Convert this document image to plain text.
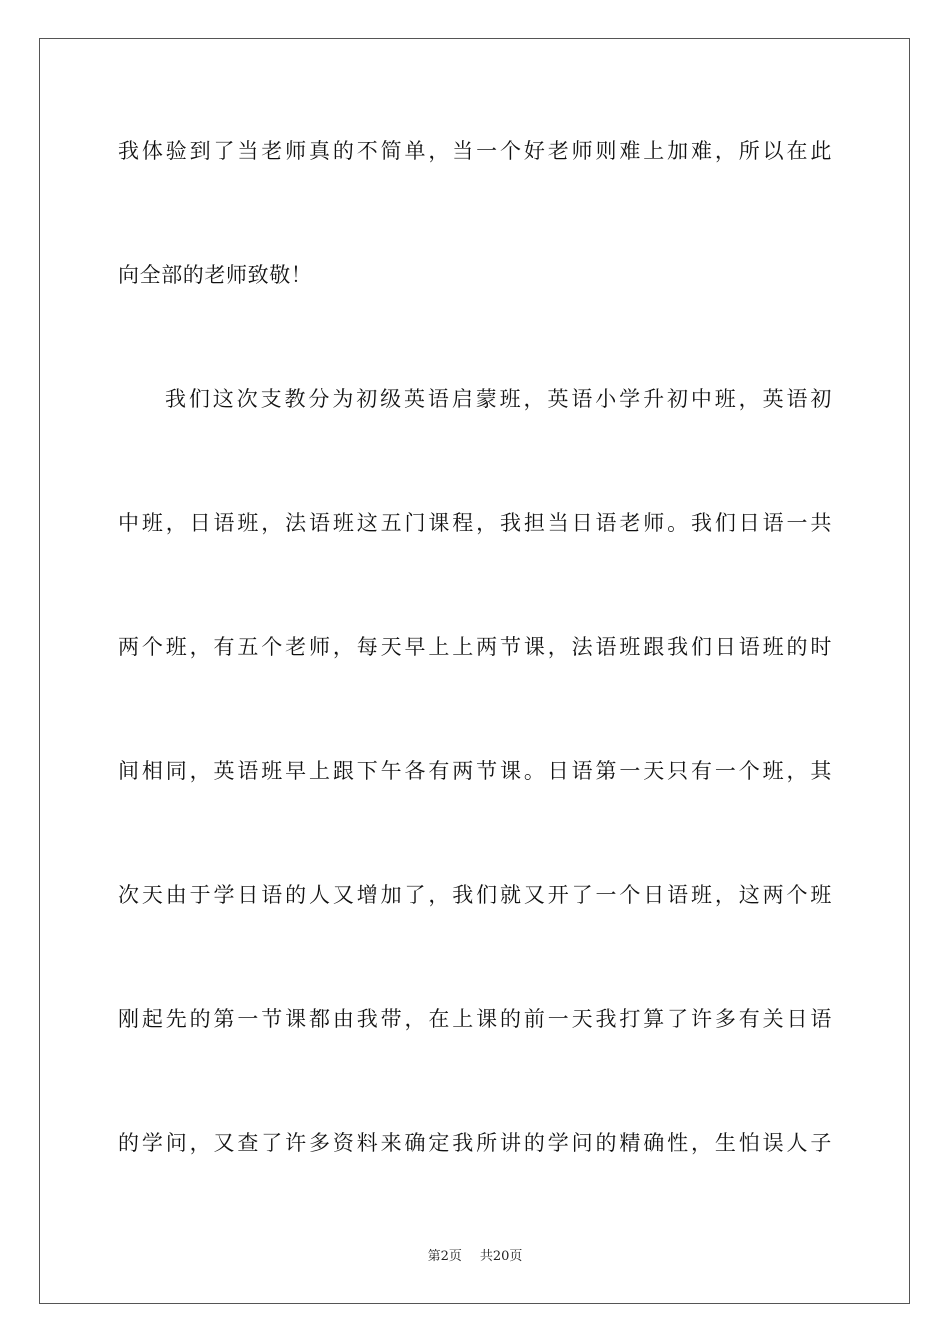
我体验到了当老师真的不简单，当一个好老师则难上加难，所以在此
向全部的老师致敬！
我们这次支教分为初级英语启蒙班，英语小学升初中班，英语初
中班，日语班，法语班这五门课程，我担当日语老师。我们日语一共
两个班，有五个老师，每天早上上两节课，法语班跟我们日语班的时
间相同，英语班早上跟下午各有两节课。日语第一天只有一个班，其
次天由于学日语的人又增加了，我们就又开了一个日语班，这两个班
刚起先的第一节课都由我带，在上课的前一天我打算了许多有关日语
的学问，又查了许多资料来确定我所讲的学问的精确性，生怕误人子
第2页 共20页
